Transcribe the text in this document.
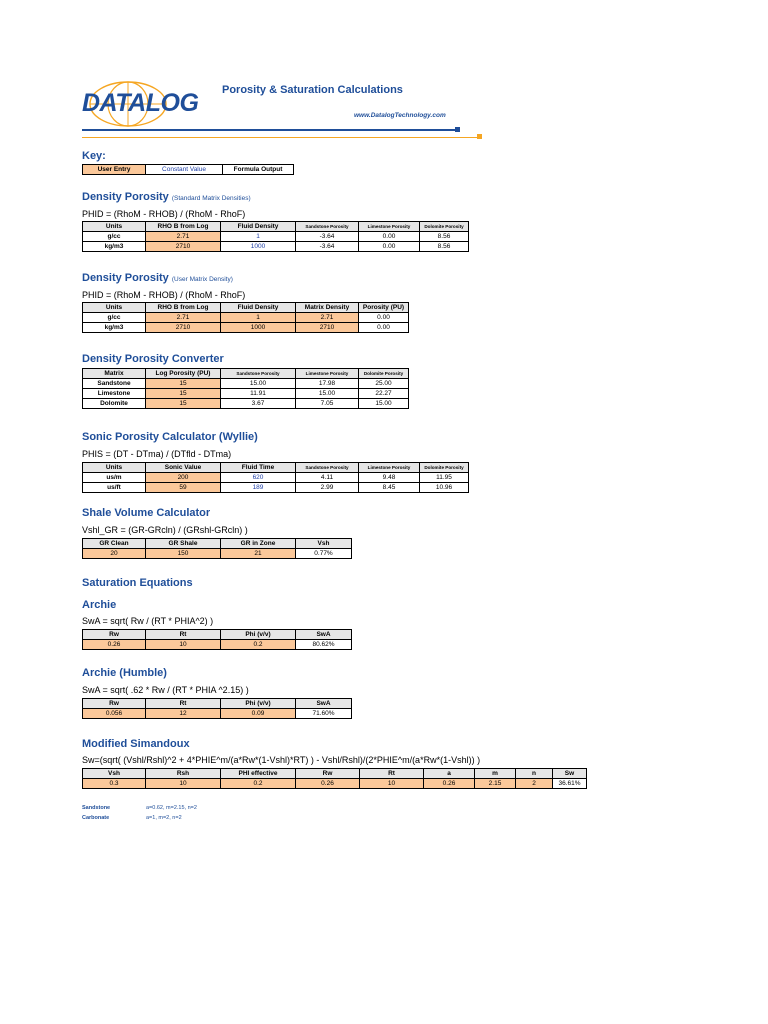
DATALOG Porosity & Saturation Calculations
www.DatalogTechnology.com
Key:
User Entry	Constant Value	Formula Output
Density Porosity (Standard Matrix Densities)
PHID = (RhoM - RHOB) / (RhoM - RhoF)
Units	RHO B from Log	Fluid Density	Sandstone Porosity	Limestone Porosity	Dolomite Porosity
g/cc	2.71	1	-3.64	0.00	8.56
kg/m3	2710	1000	-3.64	0.00	8.56
Density Porosity (User Matrix Density)
PHID = (RhoM - RHOB) / (RhoM - RhoF)
Units	RHO B from Log	Fluid Density	Matrix Density	Porosity (PU)
g/cc	2.71	1	2.71	0.00
kg/m3	2710	1000	2710	0.00
Density Porosity Converter
Matrix	Log Porosity (PU)	Sandstone Porosity	Limestone Porosity	Dolomite Porosity
Sandstone	15	15.00	17.98	25.00
Limestone	15	11.91	15.00	22.27
Dolomite	15	3.67	7.05	15.00
Sonic Porosity Calculator (Wyllie)
PHIS = (DT - DTma) / (DTfld - DTma)
Units	Sonic Value	Fluid Time	Sandstone Porosity	Limestone Porosity	Dolomite Porosity
us/m	200	620	4.11	9.48	11.95
us/ft	59	189	2.99	8.45	10.96
Shale Volume Calculator
Vshl_GR = (GR-GRcln) / (GRshl-GRcln) )
GR Clean	GR Shale	GR in Zone	Vsh
20	150	21	0.77%
Saturation Equations
Archie
SwA = sqrt( Rw / (RT * PHIA^2) )
Rw	Rt	Phi (v/v)	SwA
0.26	10	0.2	80.62%
Archie (Humble)
SwA = sqrt( .62 * Rw / (RT * PHIA ^2.15) )
Rw	Rt	Phi (v/v)	SwA
0.056	12	0.09	71.60%
Modified Simandoux
Sw=(sqrt( (Vshl/Rshl)^2 + 4*PHIE^m/(a*Rw*(1-Vshl)*RT) ) - Vshl/Rshl)/(2*PHIE^m/(a*Rw*(1-Vshl)) )
Vsh	Rsh	PHI effective	Rw	Rt	a	m	n	Sw
0.3	10	0.2	0.26	10	0.26	2.15	2	36.61%
Sandstone	a=0.62, m=2.15, n=2
Carbonate	a=1, m=2, n=2
